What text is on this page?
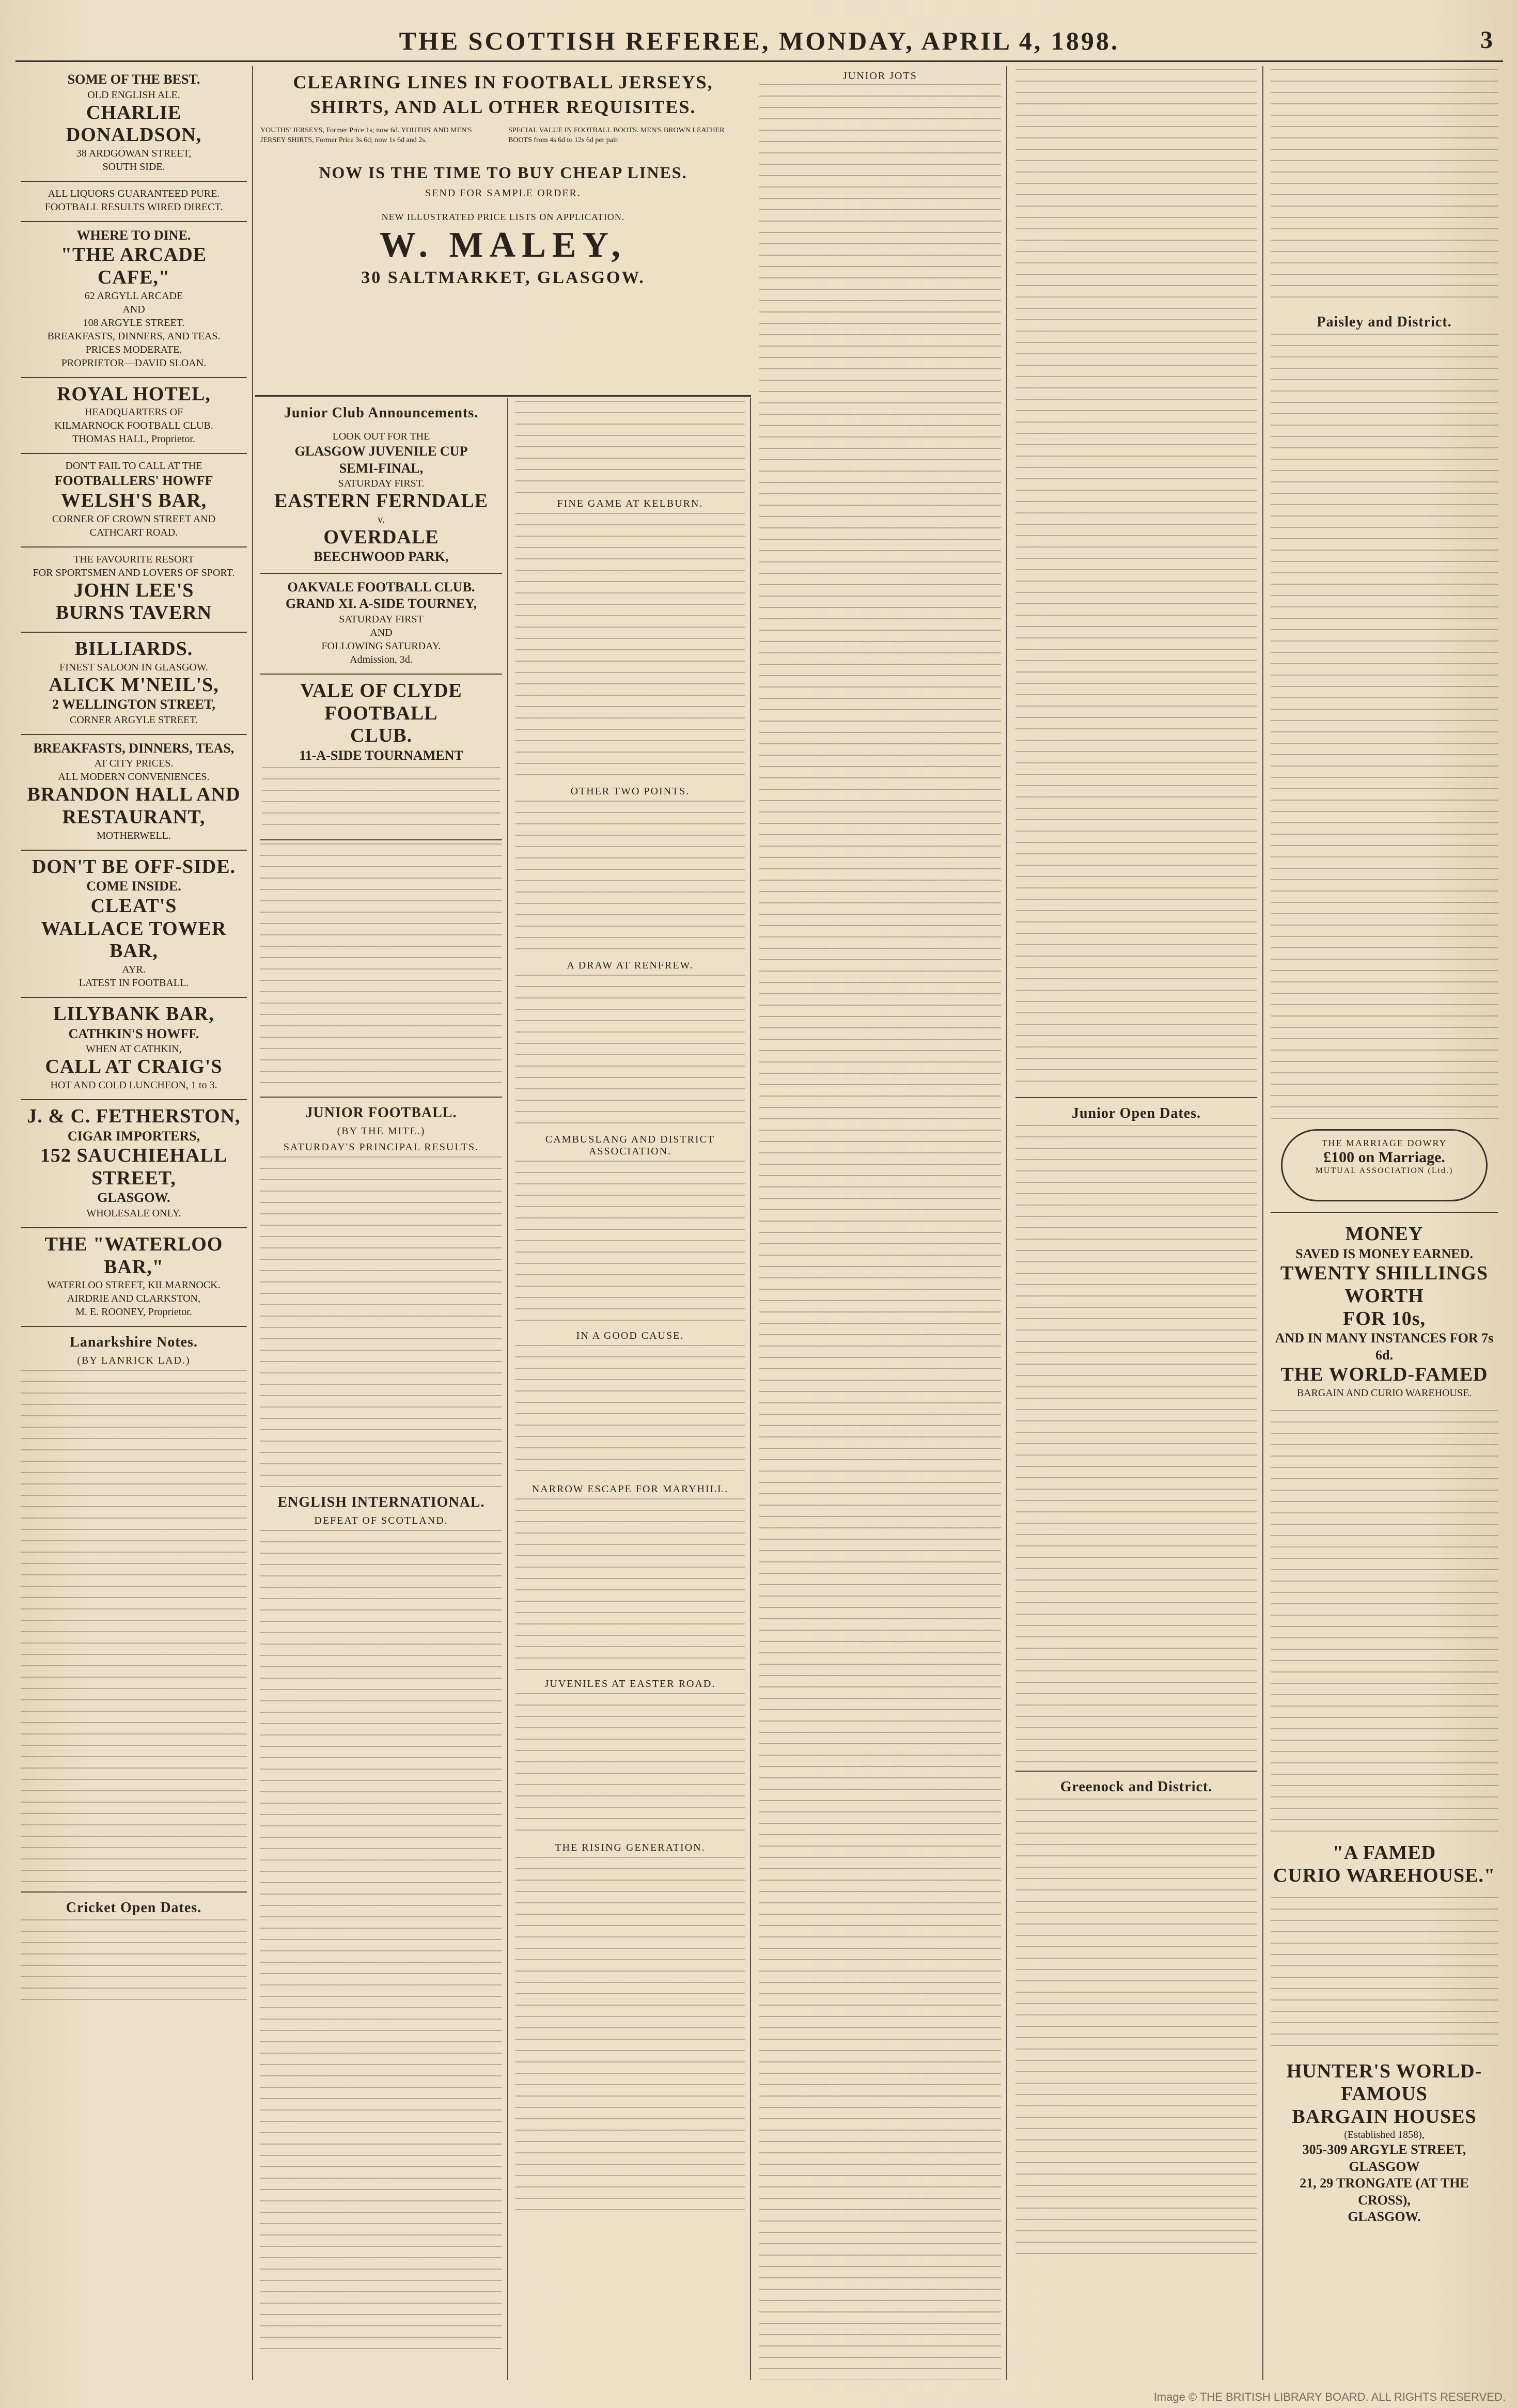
THE SCOTTISH REFEREE, MONDAY, APRIL 4, 1898.	3
SOME OF THE BEST.
OLD ENGLISH ALE.
CHARLIE DONALDSON,
38 ARDGOWAN STREET,
SOUTH SIDE.
ALL LIQUORS GUARANTEED PURE.
FOOTBALL RESULTS WIRED DIRECT.
WHERE TO DINE.
"THE ARCADE CAFE,"
62 ARGYLL ARCADE
AND
108 ARGYLE STREET.
BREAKFASTS, DINNERS, AND TEAS.
PRICES MODERATE.
PROPRIETOR—DAVID SLOAN.
ROYAL HOTEL,
HEADQUARTERS OF
KILMARNOCK FOOTBALL CLUB.
THOMAS HALL, Proprietor.
DON'T FAIL TO CALL AT THE
FOOTBALLERS' HOWFF
WELSH'S BAR,
CORNER OF CROWN STREET AND
CATHCART ROAD.
THE FAVOURITE RESORT
FOR SPORTSMEN AND LOVERS OF SPORT.
JOHN LEE'S
BURNS TAVERN
BILLIARDS.
FINEST SALOON IN GLASGOW.
ALICK M'NEIL'S,
2 WELLINGTON STREET,
CORNER ARGYLE STREET.
BREAKFASTS, DINNERS, TEAS,
AT CITY PRICES.
ALL MODERN CONVENIENCES.
BRANDON HALL AND
RESTAURANT,
MOTHERWELL.
DON'T BE OFF-SIDE.
COME INSIDE.
CLEAT'S
WALLACE TOWER BAR,
AYR.
LATEST IN FOOTBALL.
LILYBANK BAR,
CATHKIN'S HOWFF.
WHEN AT CATHKIN,
CALL AT CRAIG'S
HOT AND COLD LUNCHEON, 1 to 3.
J. & C. FETHERSTON,
CIGAR IMPORTERS,
152 SAUCHIEHALL STREET,
GLASGOW.
WHOLESALE ONLY.
THE "WATERLOO BAR,"
WATERLOO STREET, KILMARNOCK.
AIRDRIE AND CLARKSTON,
M. E. ROONEY, Proprietor.
Lanarkshire Notes.
(BY LANRICK LAD.)
Cricket Open Dates.
CLEARING LINES IN FOOTBALL JERSEYS,
SHIRTS, AND ALL OTHER REQUISITES.
YOUTHS' JERSEYS, Former Price 1s; now 6d. YOUTHS' AND MEN'S JERSEY SHIRTS, Former Price 3s 6d; now 1s 6d and 2s.
SPECIAL VALUE IN FOOTBALL BOOTS. MEN'S BROWN LEATHER BOOTS from 4s 6d to 12s 6d per pair.
NOW IS THE TIME TO BUY CHEAP LINES.
SEND FOR SAMPLE ORDER.
NEW ILLUSTRATED PRICE LISTS ON APPLICATION.
W. MALEY,
30 SALTMARKET, GLASGOW.
Junior Club Announcements.
LOOK OUT FOR THE
GLASGOW JUVENILE CUP
SEMI-FINAL,
SATURDAY FIRST.
EASTERN FERNDALE
v.
OVERDALE
BEECHWOOD PARK,
OAKVALE FOOTBALL CLUB.
GRAND XI. A-SIDE TOURNEY,
SATURDAY FIRST
AND
FOLLOWING SATURDAY.
Admission, 3d.
VALE OF CLYDE FOOTBALL
CLUB.
11-A-SIDE TOURNAMENT
JUNIOR FOOTBALL.
(BY THE MITE.)
SATURDAY'S PRINCIPAL RESULTS.
ENGLISH INTERNATIONAL.
DEFEAT OF SCOTLAND.
FINE GAME AT KELBURN.
OTHER TWO POINTS.
A DRAW AT RENFREW.
CAMBUSLANG AND DISTRICT ASSOCIATION.
IN A GOOD CAUSE.
NARROW ESCAPE FOR MARYHILL.
JUVENILES AT EASTER ROAD.
THE RISING GENERATION.
JUNIOR JOTS
Junior Open Dates.
Greenock and District.
Paisley and District.
THE MARRIAGE DOWRY
£100 on Marriage.
MUTUAL ASSOCIATION (Ltd.)
MONEY
SAVED IS MONEY EARNED.
TWENTY SHILLINGS WORTH
FOR 10s,
AND IN MANY INSTANCES FOR 7s 6d.
THE WORLD-FAMED
BARGAIN AND CURIO WAREHOUSE.
"A FAMED
CURIO WAREHOUSE."
HUNTER'S WORLD-FAMOUS
BARGAIN HOUSES
(Established 1858),
305-309 ARGYLE STREET,
GLASGOW
21, 29 TRONGATE (AT THE CROSS),
GLASGOW.
Image © THE BRITISH LIBRARY BOARD. ALL RIGHTS RESERVED.
